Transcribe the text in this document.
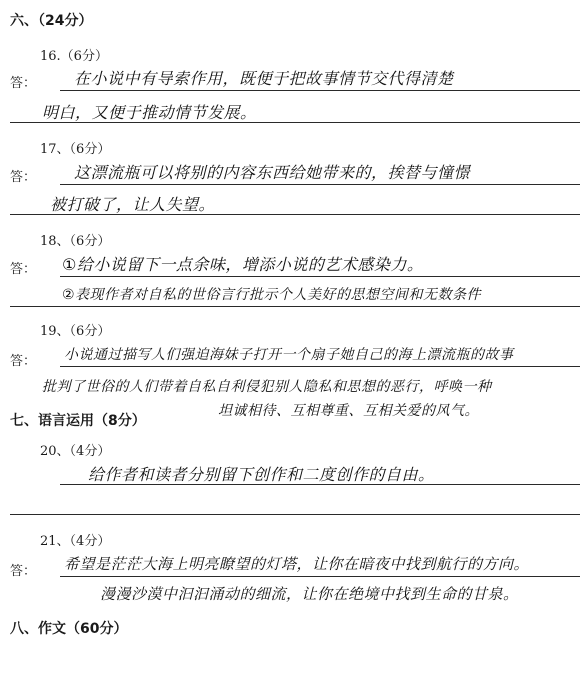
六、（24分）
16.（6分）
答： 在小说中有导索作用，既便于把故事情节交代得清楚
明白，又便于推动情节发展。
17、（6分）
答： 这漂流瓶可以将别的内容东西给她带来的，挨替与憧憬
被打破了，让人失望。
18、（6分）
答： ①给小说留下一点余味，增添小说的艺术感染力。
②表现作者对自私的世俗言行批示个人美好的思想空间和无数条件
19、（6分）
答： 小说通过描写人们强迫海妹子打开一个扇子她自己的海上漂流瓶的故事
批判了世俗的人们带着自私自利侵犯别人隐私和思想的恶行，呼唤一种
坦诚相待、互相尊重、互相关爱的风气。
七、语言运用（8分）
20、（4分）
给作者和读者分别留下创作和二度创作的自由。
21、（4分）
答： 希望是茫茫大海上明亮瞭望的灯塔，让你在暗夜中找到航行的方向。
漫漫沙漠中汩汩涌动的细流，让你在绝境中找到生命的甘泉。
八、作文（60分）
